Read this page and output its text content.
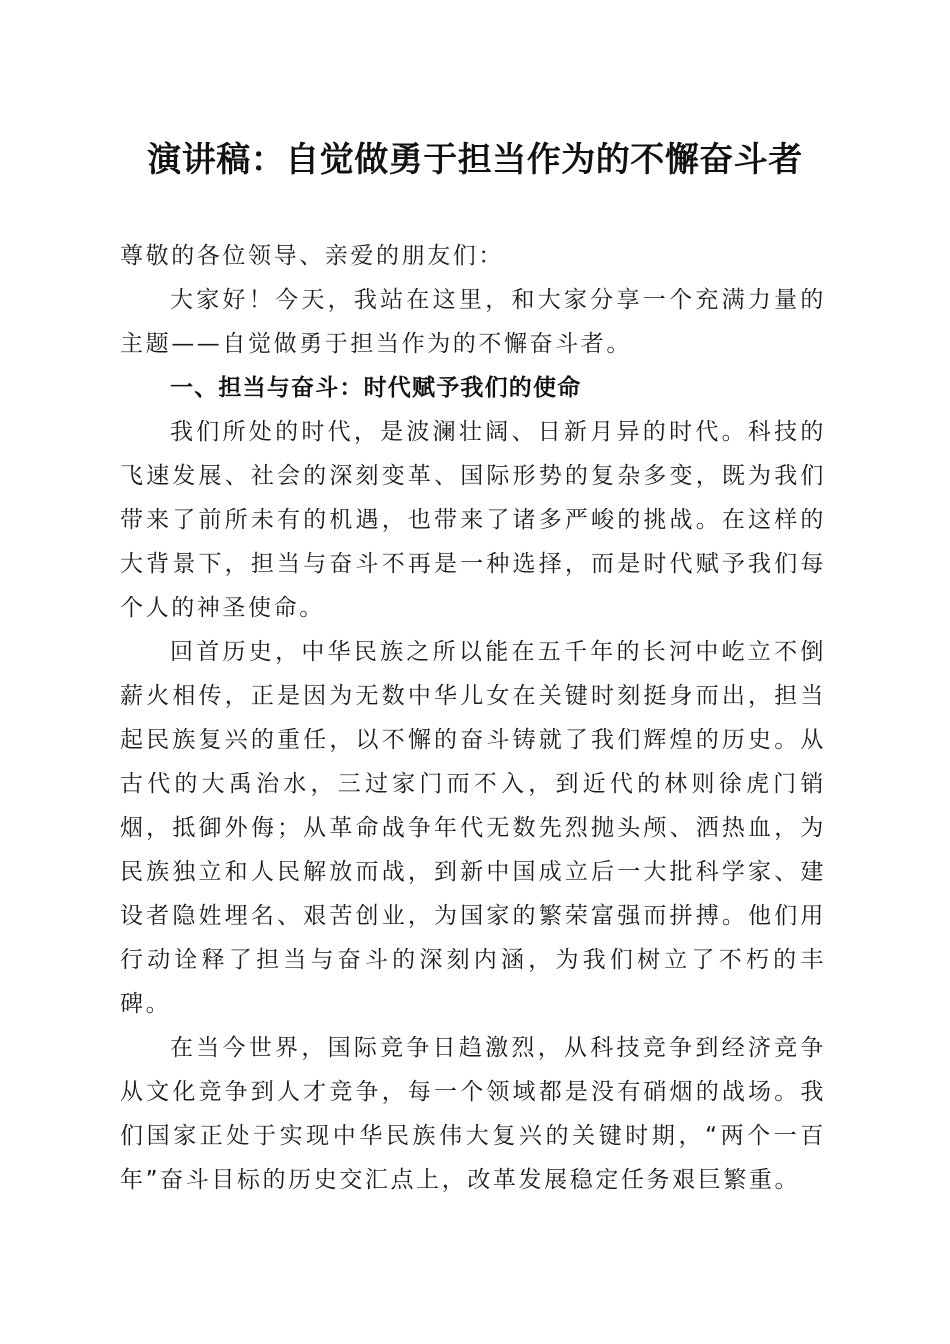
演讲稿：自觉做勇于担当作为的不懈奋斗者

尊敬的各位领导、亲爱的朋友们：

大家好！今天，我站在这里，和大家分享一个充满力量的主题——自觉做勇于担当作为的不懈奋斗者。

一、担当与奋斗：时代赋予我们的使命

我们所处的时代，是波澜壮阔、日新月异的时代。科技的飞速发展、社会的深刻变革、国际形势的复杂多变，既为我们带来了前所未有的机遇，也带来了诸多严峻的挑战。在这样的大背景下，担当与奋斗不再是一种选择，而是时代赋予我们每个人的神圣使命。

回首历史，中华民族之所以能在五千年的长河中屹立不倒薪火相传，正是因为无数中华儿女在关键时刻挺身而出，担当起民族复兴的重任，以不懈的奋斗铸就了我们辉煌的历史。从古代的大禹治水，三过家门而不入，到近代的林则徐虎门销烟，抵御外侮；从革命战争年代无数先烈抛头颅、洒热血，为民族独立和人民解放而战，到新中国成立后一大批科学家、建设者隐姓埋名、艰苦创业，为国家的繁荣富强而拼搏。他们用行动诠释了担当与奋斗的深刻内涵，为我们树立了不朽的丰碑。

在当今世界，国际竞争日趋激烈，从科技竞争到经济竞争从文化竞争到人才竞争，每一个领域都是没有硝烟的战场。我们国家正处于实现中华民族伟大复兴的关键时期，“两个一百年”奋斗目标的历史交汇点上，改革发展稳定任务艰巨繁重。
